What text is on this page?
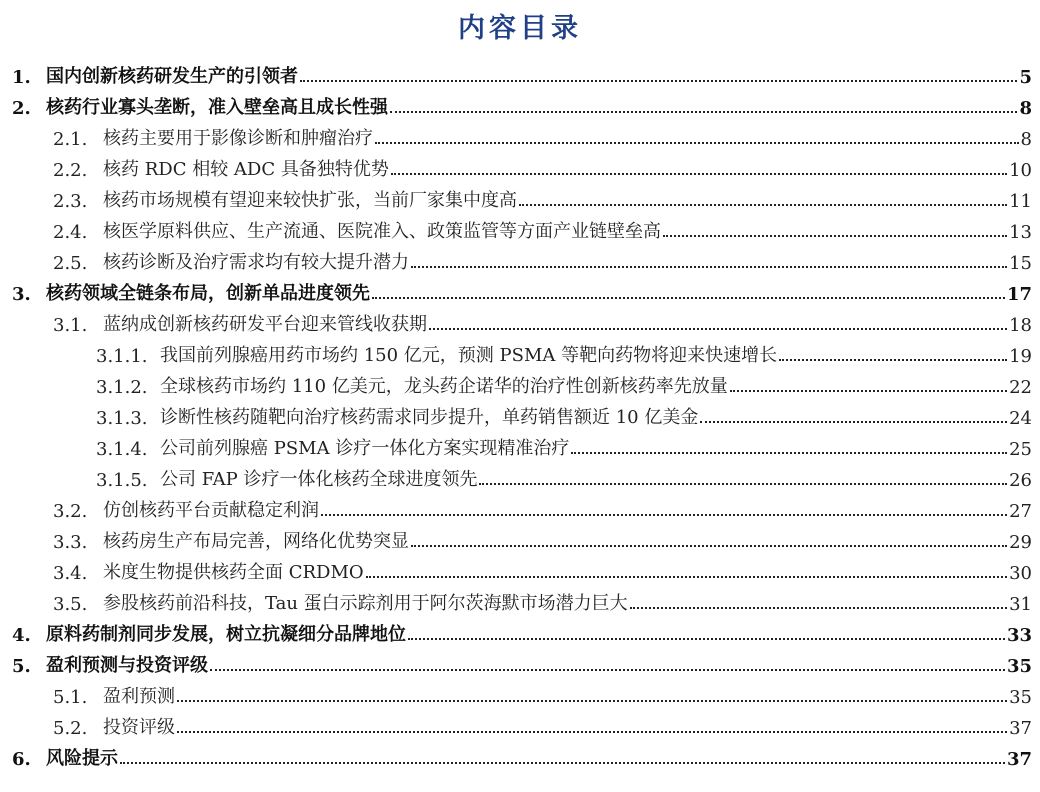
内容目录
1. 国内创新核药研发生产的引领者	5
2. 核药行业寡头垄断，准入壁垒高且成长性强	8
2.1. 核药主要用于影像诊断和肿瘤治疗	8
2.2. 核药 RDC 相较 ADC 具备独特优势	10
2.3. 核药市场规模有望迎来较快扩张，当前厂家集中度高	11
2.4. 核医学原料供应、生产流通、医院准入、政策监管等方面产业链壁垒高	13
2.5. 核药诊断及治疗需求均有较大提升潜力	15
3. 核药领域全链条布局，创新单品进度领先	17
3.1. 蓝纳成创新核药研发平台迎来管线收获期	18
3.1.1. 我国前列腺癌用药市场约 150 亿元，预测 PSMA 等靶向药物将迎来快速增长	19
3.1.2. 全球核药市场约 110 亿美元，龙头药企诺华的治疗性创新核药率先放量	22
3.1.3. 诊断性核药随靶向治疗核药需求同步提升，单药销售额近 10 亿美金	24
3.1.4. 公司前列腺癌 PSMA 诊疗一体化方案实现精准治疗	25
3.1.5. 公司 FAP 诊疗一体化核药全球进度领先	26
3.2. 仿创核药平台贡献稳定利润	27
3.3. 核药房生产布局完善，网络化优势突显	29
3.4. 米度生物提供核药全面 CRDMO	30
3.5. 参股核药前沿科技，Tau 蛋白示踪剂用于阿尔茨海默市场潜力巨大	31
4. 原料药制剂同步发展，树立抗凝细分品牌地位	33
5. 盈利预测与投资评级	35
5.1. 盈利预测	35
5.2. 投资评级	37
6. 风险提示	37
